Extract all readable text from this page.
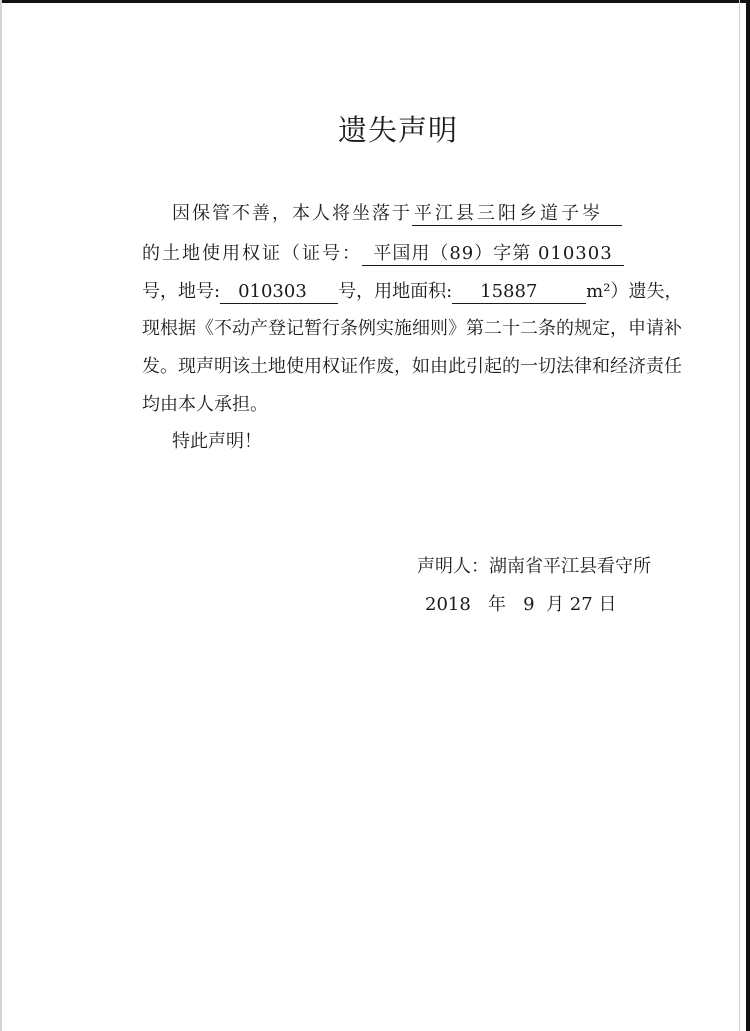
遗失声明
因保管不善，本人将坐落于 平江县三阳乡道子岑
的土地使用权证（证号： 平国用（89）字第 010303
号，地号: 010303 号，用地面积: 15887	m²）遗失，
现根据《不动产登记暂行条例实施细则》第二十二条的规定，申请补
发。现声明该土地使用权证作废，如由此引起的一切法律和经济责任
均由本人承担。
特此声明！
声明人：湖南省平江县看守所
2018 年 9 月 27 日
